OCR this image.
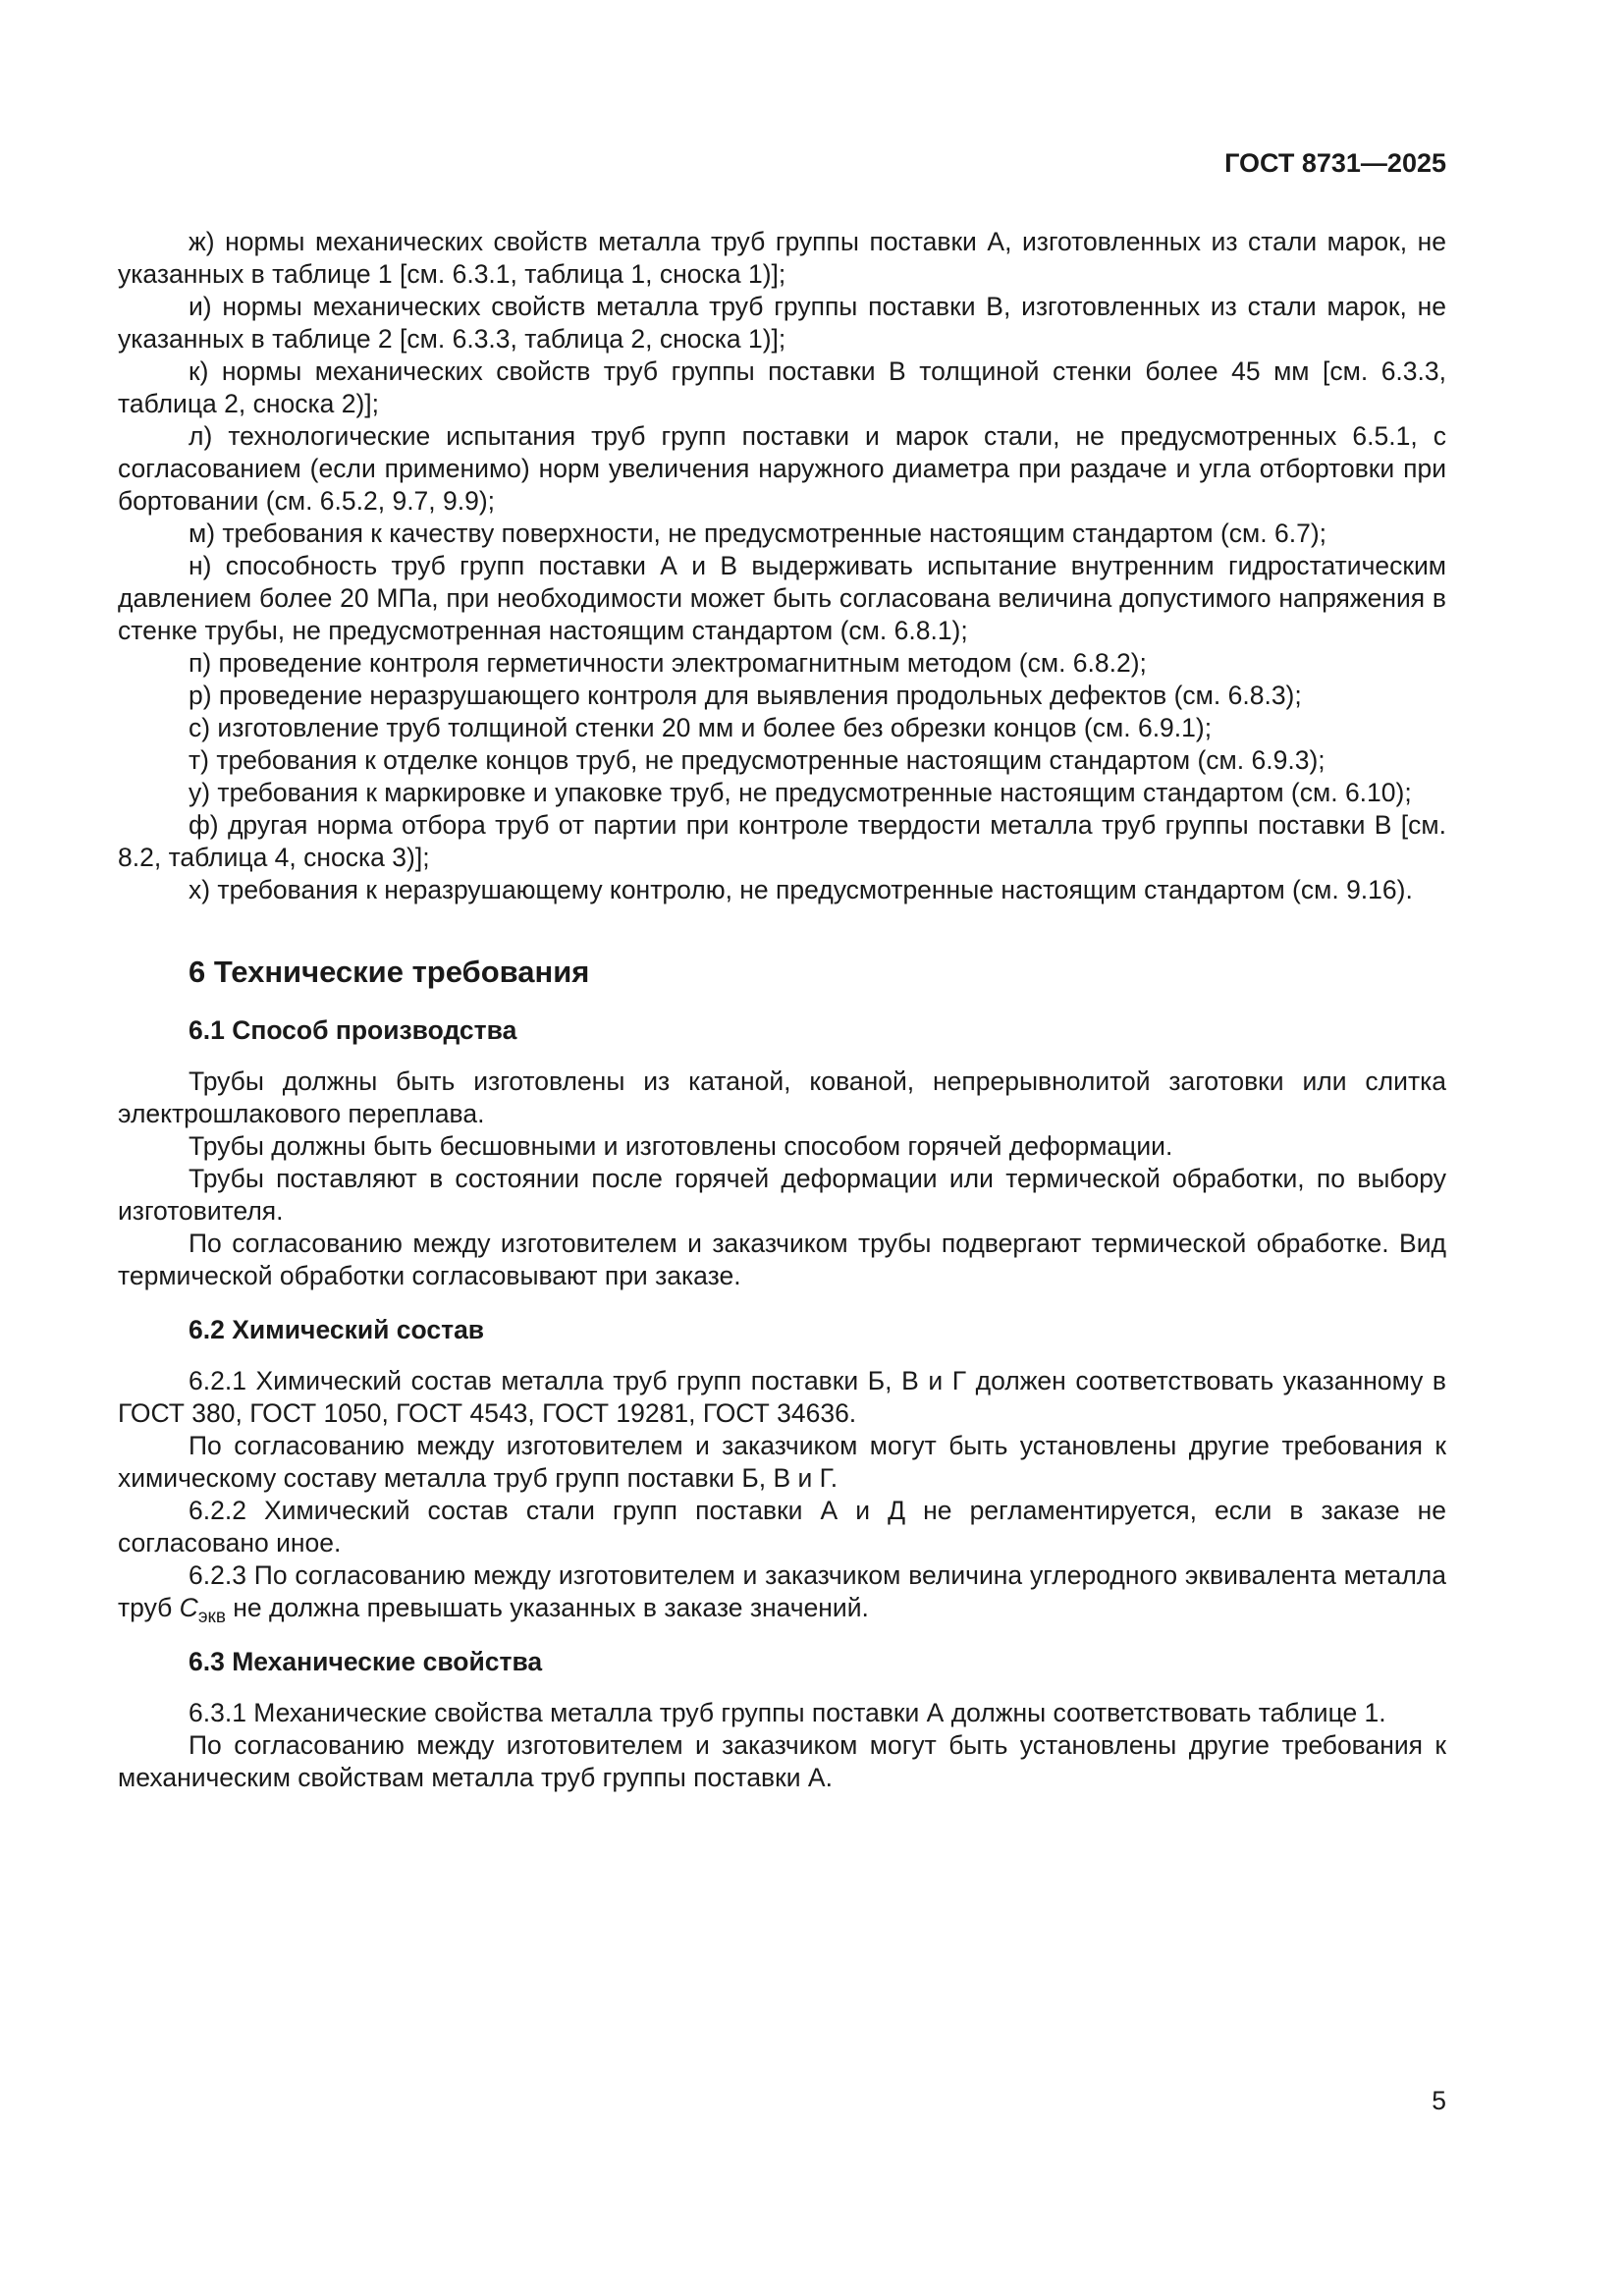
ГОСТ 8731—2025

ж) нормы механических свойств металла труб группы поставки А, изготовленных из стали марок, не указанных в таблице 1 [см. 6.3.1, таблица 1, сноска 1)];

и) нормы механических свойств металла труб группы поставки В, изготовленных из стали марок, не указанных в таблице 2 [см. 6.3.3, таблица 2, сноска 1)];

к) нормы механических свойств труб группы поставки В толщиной стенки более 45 мм [см. 6.3.3, таблица 2, сноска 2)];

л) технологические испытания труб групп поставки и марок стали, не предусмотренных 6.5.1, с согласованием (если применимо) норм увеличения наружного диаметра при раздаче и угла отбортовки при бортовании (см. 6.5.2, 9.7, 9.9);

м) требования к качеству поверхности, не предусмотренные настоящим стандартом (см. 6.7);

н) способность труб групп поставки А и В выдерживать испытание внутренним гидростатическим давлением более 20 МПа, при необходимости может быть согласована величина допустимого напряжения в стенке трубы, не предусмотренная настоящим стандартом (см. 6.8.1);

п) проведение контроля герметичности электромагнитным методом (см. 6.8.2);

р) проведение неразрушающего контроля для выявления продольных дефектов (см. 6.8.3);

с) изготовление труб толщиной стенки 20 мм и более без обрезки концов (см. 6.9.1);

т) требования к отделке концов труб, не предусмотренные настоящим стандартом (см. 6.9.3);

у) требования к маркировке и упаковке труб, не предусмотренные настоящим стандартом (см. 6.10);

ф) другая норма отбора труб от партии при контроле твердости металла труб группы поставки В [см. 8.2, таблица 4, сноска 3)];

х) требования к неразрушающему контролю, не предусмотренные настоящим стандартом (см. 9.16).

6 Технические требования
6.1 Способ производства

Трубы должны быть изготовлены из катаной, кованой, непрерывнолитой заготовки или слитка электрошлакового переплава.

Трубы должны быть бесшовными и изготовлены способом горячей деформации.

Трубы поставляют в состоянии после горячей деформации или термической обработки, по выбору изготовителя.

По согласованию между изготовителем и заказчиком трубы подвергают термической обработке. Вид термической обработки согласовывают при заказе.

6.2 Химический состав

6.2.1 Химический состав металла труб групп поставки Б, В и Г должен соответствовать указанному в ГОСТ 380, ГОСТ 1050, ГОСТ 4543, ГОСТ 19281, ГОСТ 34636.

По согласованию между изготовителем и заказчиком могут быть установлены другие требования к химическому составу металла труб групп поставки Б, В и Г.

6.2.2 Химический состав стали групп поставки А и Д не регламентируется, если в заказе не согласовано иное.

6.2.3 По согласованию между изготовителем и заказчиком величина углеродного эквивалента металла труб $C_{экв}$ не должна превышать указанных в заказе значений.

6.3 Механические свойства

6.3.1 Механические свойства металла труб группы поставки А должны соответствовать таблице 1.

По согласованию между изготовителем и заказчиком могут быть установлены другие требования к механическим свойствам металла труб группы поставки А.

5
